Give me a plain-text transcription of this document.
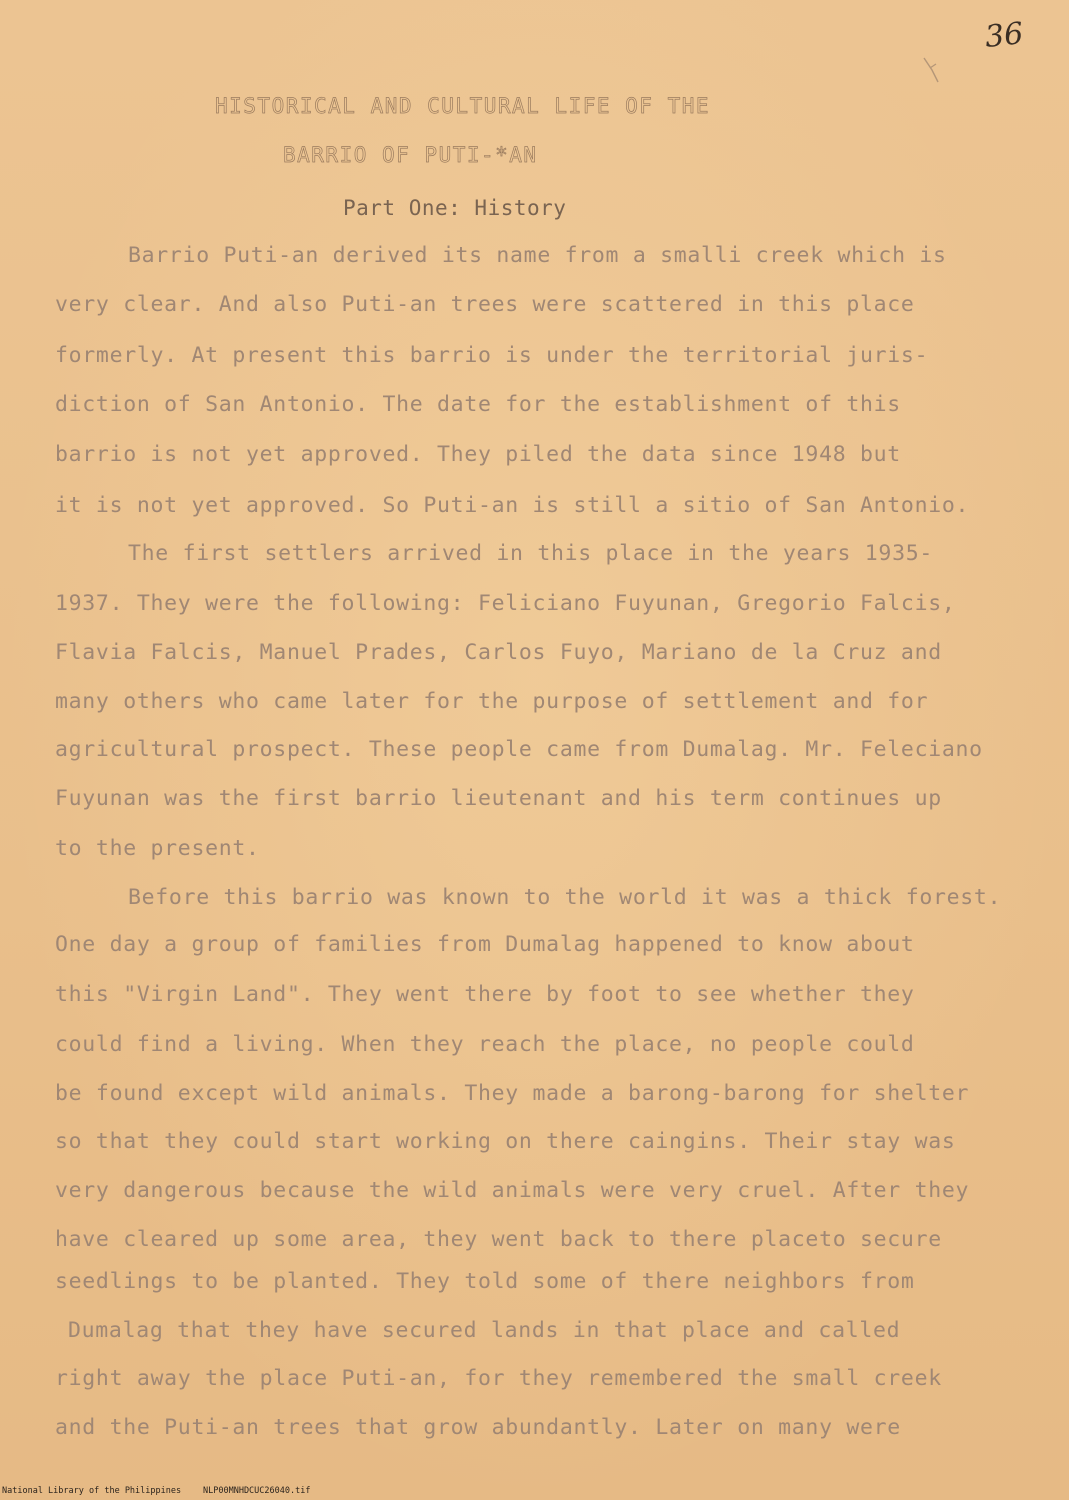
36
HISTORICAL AND CULTURAL LIFE OF THE
BARRIO OF PUTI-*AN
Part One: History
Barrio Puti-an derived its name from a smalli creek which is
very clear. And also Puti-an trees were scattered in this place
formerly. At present this barrio is under the territorial juris-
diction of San Antonio. The date for the establishment of this
barrio is not yet approved. They piled the data since 1948 but
it is not yet approved. So Puti-an is still a sitio of San Antonio.
The first settlers arrived in this place in the years 1935-
1937. They were the following: Feliciano Fuyunan, Gregorio Falcis,
Flavia Falcis, Manuel Prades, Carlos Fuyo, Mariano de la Cruz and
many others who came later for the purpose of settlement and for
agricultural prospect. These people came from Dumalag. Mr. Feleciano
Fuyunan was the first barrio lieutenant and his term continues up
to the present.
Before this barrio was known to the world it was a thick forest.
One day a group of families from Dumalag happened to know about
this "Virgin Land". They went there by foot to see whether they
could find a living. When they reach the place, no people could
be found except wild animals. They made a barong-barong for shelter
so that they could start working on there caingins. Their stay was
very dangerous because the wild animals were very cruel. After they
have cleared up some area, they went back to there placeto secure
seedlings to be planted. They told some of there neighbors from
Dumalag that they have secured lands in that place and called
right away the place Puti-an, for they remembered the small creek
and the Puti-an trees that grow abundantly. Later on many were
National Library of the Philippines	NLP00MNHDCUC26040.tif
